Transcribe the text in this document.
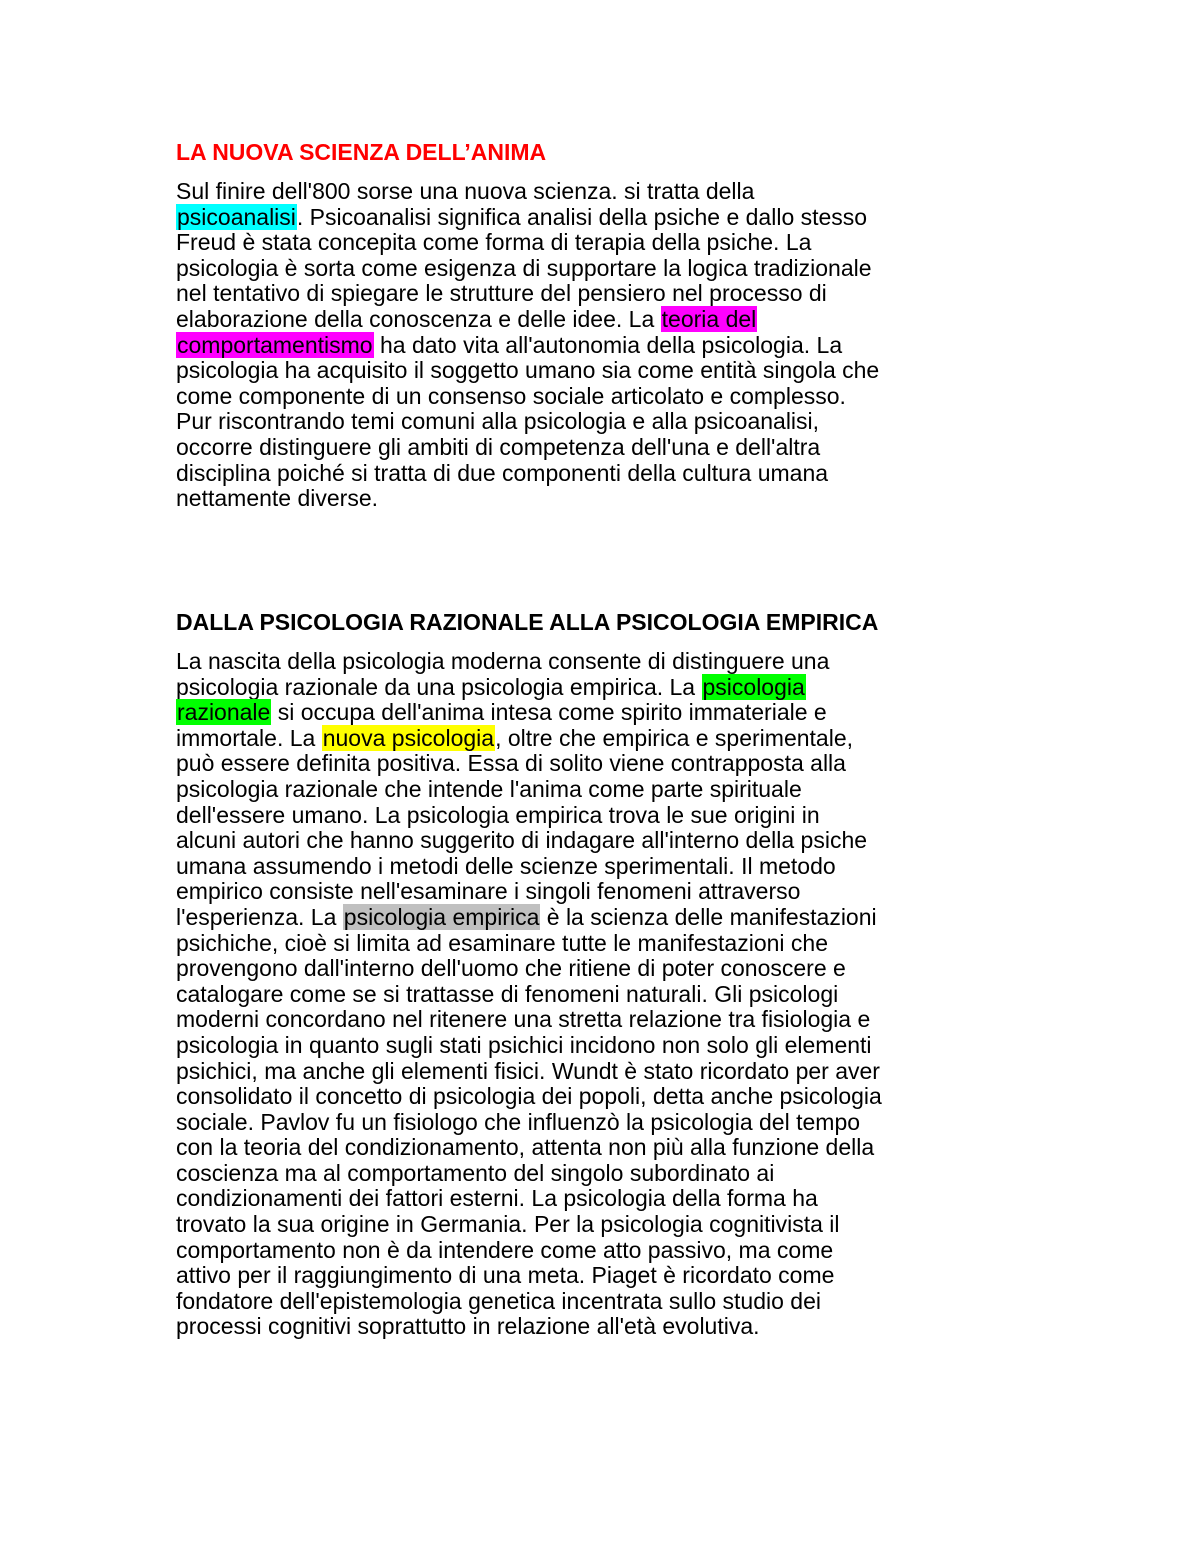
LA NUOVA SCIENZA DELL’ANIMA
Sul finire dell'800 sorse una nuova scienza. si tratta della
psicoanalisi. Psicoanalisi significa analisi della psiche e dallo stesso
Freud è stata concepita come forma di terapia della psiche. La
psicologia è sorta come esigenza di supportare la logica tradizionale
nel tentativo di spiegare le strutture del pensiero nel processo di
elaborazione della conoscenza e delle idee. La teoria del
comportamentismo ha dato vita all'autonomia della psicologia. La
psicologia ha acquisito il soggetto umano sia come entità singola che
come componente di un consenso sociale articolato e complesso.
Pur riscontrando temi comuni alla psicologia e alla psicoanalisi,
occorre distinguere gli ambiti di competenza dell'una e dell'altra
disciplina poiché si tratta di due componenti della cultura umana
nettamente diverse.
DALLA PSICOLOGIA RAZIONALE ALLA PSICOLOGIA EMPIRICA
La nascita della psicologia moderna consente di distinguere una
psicologia razionale da una psicologia empirica. La psicologia
razionale si occupa dell'anima intesa come spirito immateriale e
immortale. La nuova psicologia, oltre che empirica e sperimentale,
può essere definita positiva. Essa di solito viene contrapposta alla
psicologia razionale che intende l'anima come parte spirituale
dell'essere umano. La psicologia empirica trova le sue origini in
alcuni autori che hanno suggerito di indagare all'interno della psiche
umana assumendo i metodi delle scienze sperimentali. Il metodo
empirico consiste nell'esaminare i singoli fenomeni attraverso
l'esperienza. La psicologia empirica è la scienza delle manifestazioni
psichiche, cioè si limita ad esaminare tutte le manifestazioni che
provengono dall'interno dell'uomo che ritiene di poter conoscere e
catalogare come se si trattasse di fenomeni naturali. Gli psicologi
moderni concordano nel ritenere una stretta relazione tra fisiologia e
psicologia in quanto sugli stati psichici incidono non solo gli elementi
psichici, ma anche gli elementi fisici. Wundt è stato ricordato per aver
consolidato il concetto di psicologia dei popoli, detta anche psicologia
sociale. Pavlov fu un fisiologo che influenzò la psicologia del tempo
con la teoria del condizionamento, attenta non più alla funzione della
coscienza ma al comportamento del singolo subordinato ai
condizionamenti dei fattori esterni. La psicologia della forma ha
trovato la sua origine in Germania. Per la psicologia cognitivista il
comportamento non è da intendere come atto passivo, ma come
attivo per il raggiungimento di una meta. Piaget è ricordato come
fondatore dell'epistemologia genetica incentrata sullo studio dei
processi cognitivi soprattutto in relazione all'età evolutiva.
